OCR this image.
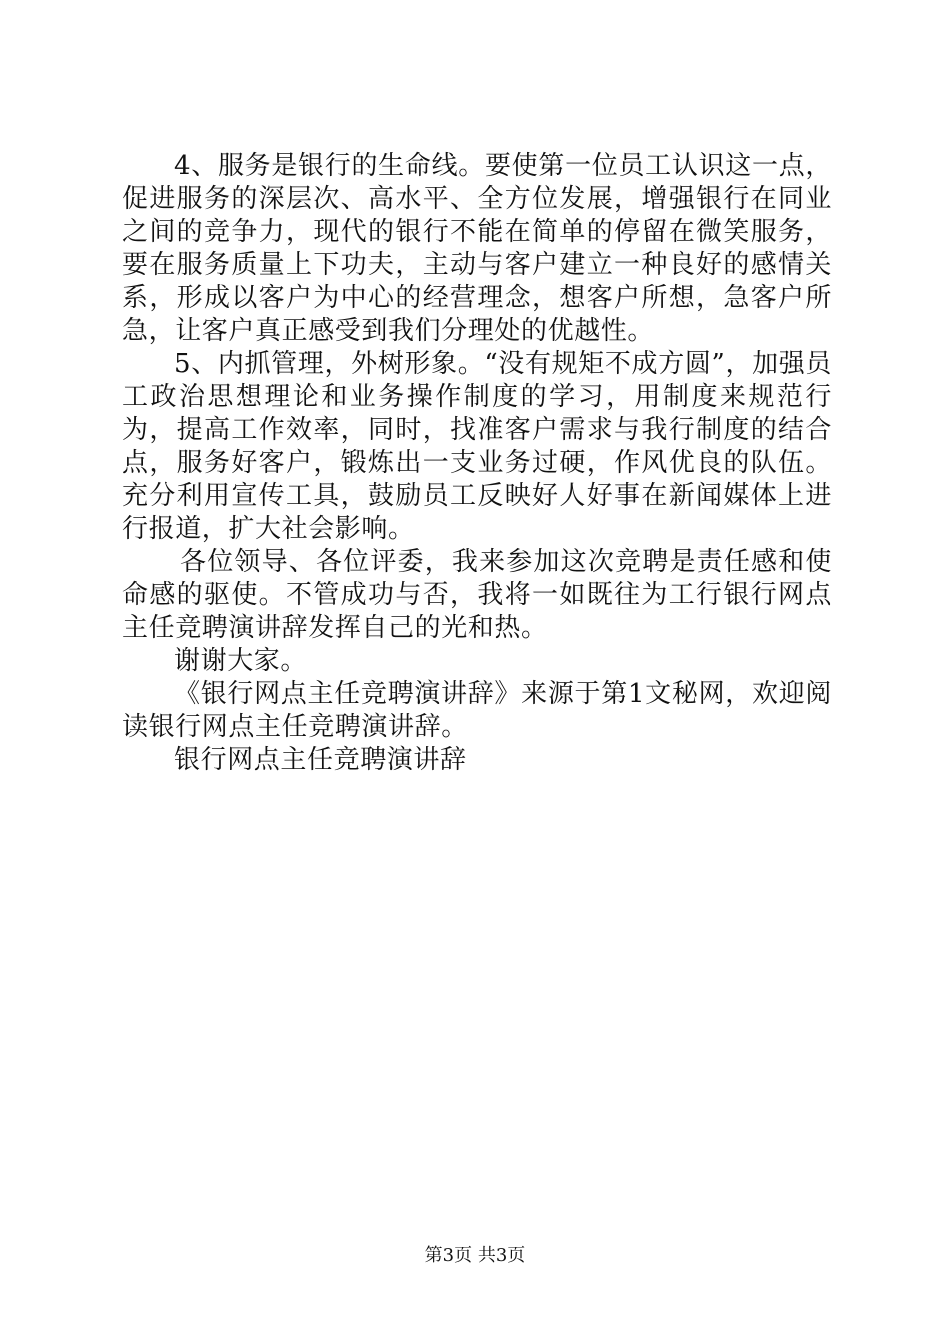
4、服务是银行的生命线。要使第一位员工认识这一点，促进服务的深层次、高水平、全方位发展，增强银行在同业之间的竞争力，现代的银行不能在简单的停留在微笑服务，要在服务质量上下功夫，主动与客户建立一种良好的感情关系，形成以客户为中心的经营理念，想客户所想，急客户所急，让客户真正感受到我们分理处的优越性。

5、内抓管理，外树形象。“没有规矩不成方圆”，加强员工政治思想理论和业务操作制度的学习，用制度来规范行为，提高工作效率，同时，找准客户需求与我行制度的结合点，服务好客户，锻炼出一支业务过硬，作风优良的队伍。充分利用宣传工具，鼓励员工反映好人好事在新闻媒体上进行报道，扩大社会影响。

各位领导、各位评委，我来参加这次竞聘是责任感和使命感的驱使。不管成功与否，我将一如既往为工行银行网点主任竞聘演讲辞发挥自己的光和热。

谢谢大家。

《银行网点主任竞聘演讲辞》来源于第1文秘网，欢迎阅读银行网点主任竞聘演讲辞。

银行网点主任竞聘演讲辞

第3页 共3页
